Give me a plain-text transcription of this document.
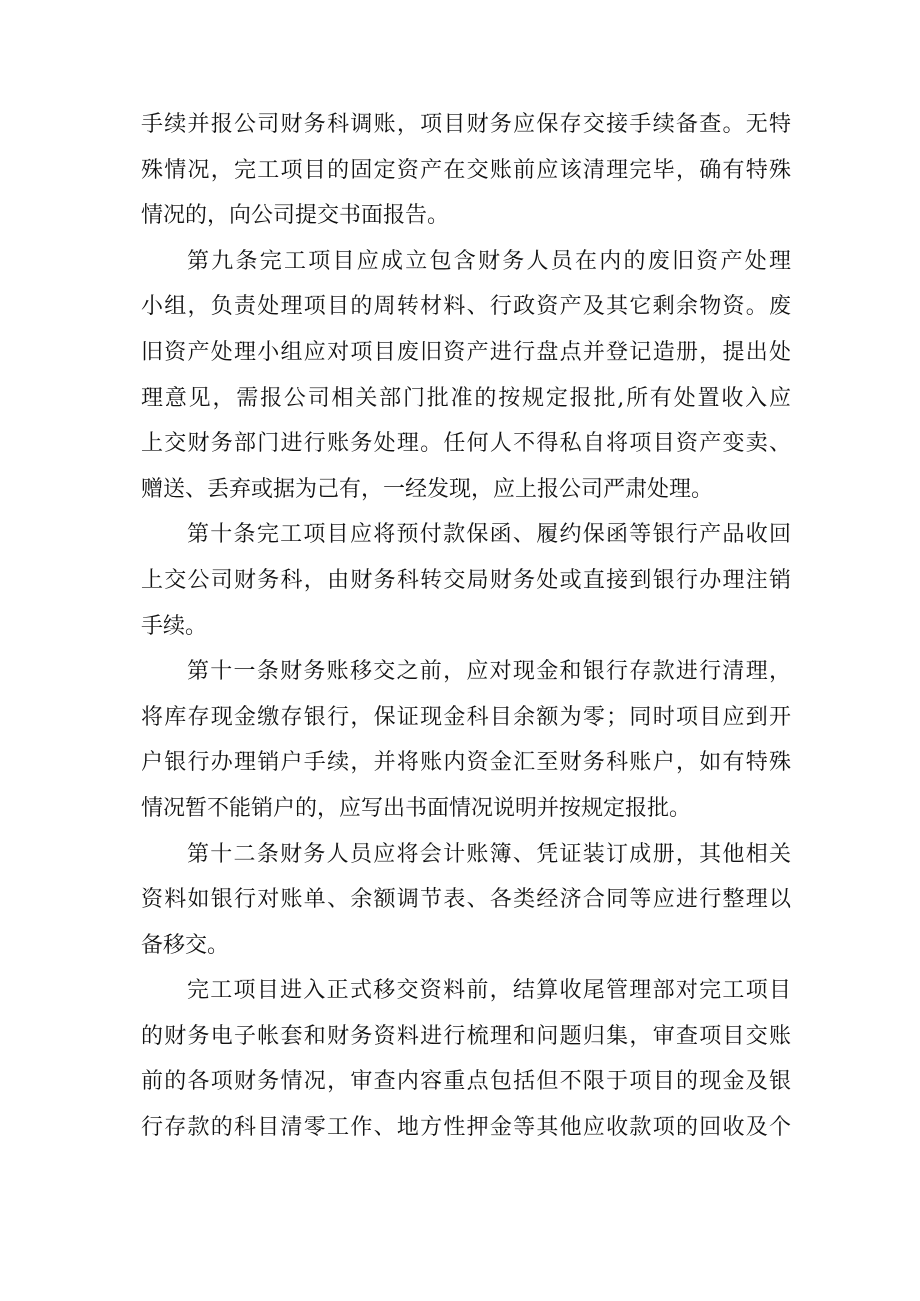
手续并报公司财务科调账，项目财务应保存交接手续备查。无特
殊情况，完工项目的固定资产在交账前应该清理完毕，确有特殊
情况的，向公司提交书面报告。
第九条完工项目应成立包含财务人员在内的废旧资产处理
小组，负责处理项目的周转材料、行政资产及其它剩余物资。废
旧资产处理小组应对项目废旧资产进行盘点并登记造册，提出处
理意见，需报公司相关部门批准的按规定报批,所有处置收入应
上交财务部门进行账务处理。任何人不得私自将项目资产变卖、
赠送、丢弃或据为己有，一经发现，应上报公司严肃处理。
第十条完工项目应将预付款保函、履约保函等银行产品收回
上交公司财务科，由财务科转交局财务处或直接到银行办理注销
手续。
第十一条财务账移交之前，应对现金和银行存款进行清理，
将库存现金缴存银行，保证现金科目余额为零；同时项目应到开
户银行办理销户手续，并将账内资金汇至财务科账户，如有特殊
情况暂不能销户的，应写出书面情况说明并按规定报批。
第十二条财务人员应将会计账簿、凭证装订成册，其他相关
资料如银行对账单、余额调节表、各类经济合同等应进行整理以
备移交。
完工项目进入正式移交资料前，结算收尾管理部对完工项目
的财务电子帐套和财务资料进行梳理和问题归集，审查项目交账
前的各项财务情况，审查内容重点包括但不限于项目的现金及银
行存款的科目清零工作、地方性押金等其他应收款项的回收及个
